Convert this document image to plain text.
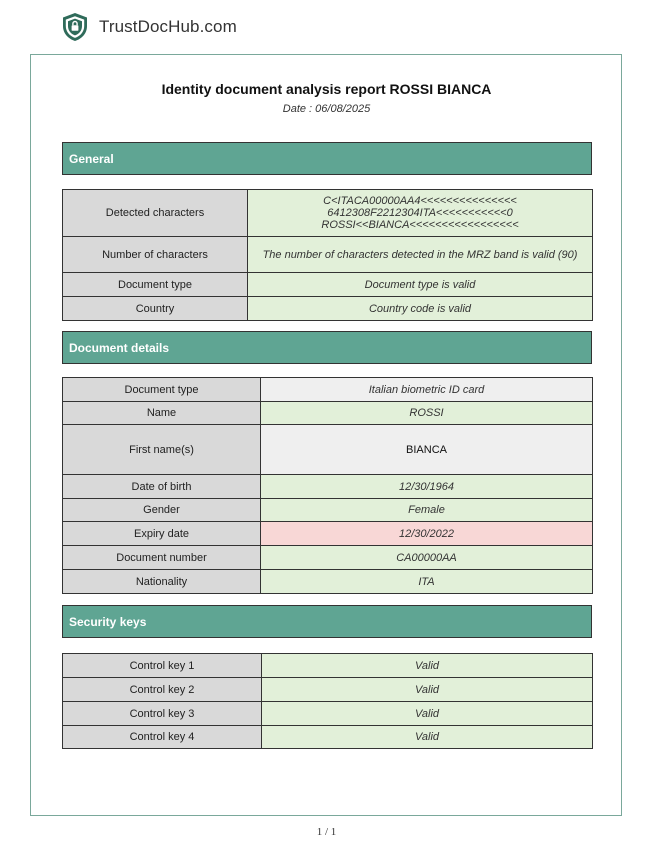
TrustDocHub.com
Identity document analysis report ROSSI BIANCA
Date : 06/08/2025
General
Detected characters	C<ITACA00000AA4<<<<<<<<<<<<<<<
6412308F2212304ITA<<<<<<<<<<<0
ROSSI<<BIANCA<<<<<<<<<<<<<<<<<

Number of characters	The number of characters detected in the MRZ band is valid (90)
Document type	Document type is valid
Country	Country code is valid
Document details
Document type	Italian biometric ID card
Name	ROSSI
First name(s)	BIANCA
Date of birth	12/30/1964
Gender	Female
Expiry date	12/30/2022
Document number	CA00000AA
Nationality	ITA
Security keys
Control key 1	Valid
Control key 2	Valid
Control key 3	Valid
Control key 4	Valid
1 / 1
